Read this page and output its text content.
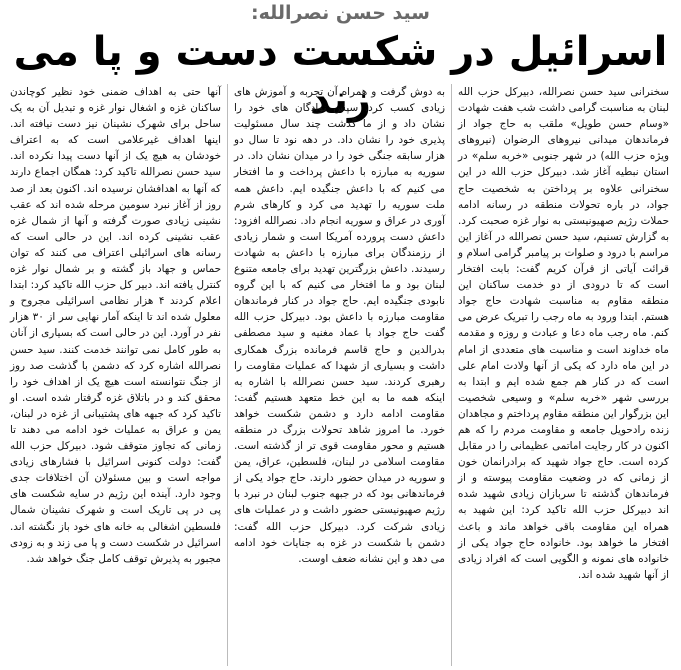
سید حسن نصرالله:
اسرائیل در شکست دست و پا می زند	سخنرانی سید حسن نصرالله، دبیرکل حزب الله لبنان به مناسبت گرامی داشت شب هفت شهادت «وسام حسن طویل» ملقب به حاج جواد از فرماندهان میدانی نیروهای الرضوان (نیروهای ویژه حزب الله) در شهر جنوبی «خربه سلم» در استان نبطیه آغاز شد. دبیرکل حزب الله در این سخنرانی علاوه بر پرداختن به شخصیت حاج جواد، در باره تحولات منطقه در رسانه ادامه حملات رژیم صهیونیستی به نوار غزه صحبت کرد. به گزارش تسنیم، سید حسن نصرالله در آغاز این مراسم با درود و صلوات بر پیامبر گرامی اسلام و قرائت آیاتی از قرآن کریم گفت: بابت افتخار است که تا درودی از دو خدمت ساکنان این منطقه مقاوم به مناسبت شهادت حاج جواد هستم. ابتدا ورود به ماه رجب را تبریک عرض می کنم. ماه رجب ماه دعا و عبادت و روزه و مقدمه ماه خداوند است و مناسبت های متعددی از امام در این ماه دارد که یکی از آنها ولادت امام علی است که در کنار هم جمع شده ایم و ابتدا به بررسی شهر «خربه سلم» و وسیعی شخصیت این بزرگوار این منطقه مقاوم پرداختم و مجاهدان زنده رادحویل جامعه و مقاومت مردم را که هم اکنون در کار رجایت اماتمی عظیمانی را در مقابل کرده است. حاج جواد شهید که برادرانمان خون از زمانی که در وضعیت مقاومت پیوسته و از فرماندهان گذشته تا سربازان زیادی شهید شده اند دبیرکل حزب الله تاکید کرد: این شهید به همراه این مقاومت باقی خواهد ماند و باعث افتخار ما خواهد بود. خانواده حاج جواد یکی از خانواده های نمونه و الگویی است که افراد زیادی از آنها شهید شده اند.
به دوش گرفت و همراه آن تجربه و آموزش های زیادی کسب کرد. سپس نوادگان های خود را نشان داد و از ما گذشت چند سال مسئولیت پذیری خود را نشان داد. در دهه نود تا سال دو هزار سابقه جنگی خود را در میدان نشان داد. در سوریه به مبارزه با داعش پرداخت و ما افتخار می کنیم که با داعش جنگیده ایم. داعش همه ملت سوریه را تهدید می کرد و کارهای شرم آوری در عراق و سوریه انجام داد. نصرالله افزود: داعش دست پرورده آمریکا است و شمار زیادی از رزمندگان برای مبارزه با داعش به شهادت رسیدند. داعش بزرگترین تهدید برای جامعه متنوع لبنان بود و ما افتخار می کنیم که با این گروه نابودی جنگیده ایم. حاج جواد در کنار فرماندهان مقاومت مبارزه با داعش بود. دبیرکل حزب الله گفت حاج جواد با عماد مغنیه و سید مصطفی بدرالدین و حاج قاسم فرمانده بزرگ همکاری داشت و بسیاری از شهدا که عملیات مقاومت را رهبری کردند. سید حسن نصرالله با اشاره به اینکه همه ما به این خط متعهد هستیم گفت: مقاومت ادامه دارد و دشمن شکست خواهد خورد. ما امروز شاهد تحولات بزرگ در منطقه هستیم و محور مقاومت قوی تر از گذشته است. مقاومت اسلامی در لبنان، فلسطین، عراق، یمن و سوریه در میدان حضور دارند. حاج جواد یکی از فرماندهانی بود که در جبهه جنوب لبنان در نبرد با رژیم صهیونیستی حضور داشت و در عملیات های زیادی شرکت کرد. دبیرکل حزب الله گفت: دشمن با شکست در غزه به جنایات خود ادامه می دهد و این نشانه ضعف اوست.
آنها حتی به اهداف ضمنی خود نظیر کوچاندن ساکنان غزه و اشغال نوار غزه و تبدیل آن به یک ساحل برای شهرک نشینان نیز دست نیافته اند. اینها اهداف غیرعلامی است که به اعتراف خودشان به هیچ یک از آنها دست پیدا نکرده اند. سید حسن نصرالله تاکید کرد: همگان اجماع دارند که آنها به اهدافشان نرسیده اند. اکنون بعد از صد روز از آغاز نبرد سومین مرحله شده اند که عقب نشینی زیادی صورت گرفته و آنها از شمال غزه عقب نشینی کرده اند. این در حالی است که رسانه های اسرائیلی اعتراف می کنند که توان حماس و جهاد باز گشته و بر شمال نوار غزه کنترل یافته اند. دبیر کل حزب الله تاکید کرد: ابتدا اعلام کردند ۴ هزار نظامی اسرائیلی مجروح و معلول شده اند تا اینکه آمار نهایی سر از ۳۰ هزار نفر در آورد. این در حالی است که بسیاری از آنان به طور کامل نمی توانند خدمت کنند. سید حسن نصرالله اشاره کرد که دشمن با گذشت صد روز از جنگ نتوانسته است هیچ یک از اهداف خود را محقق کند و در باتلاق غزه گرفتار شده است. او تاکید کرد که جبهه های پشتیبانی از غزه در لبنان، یمن و عراق به عملیات خود ادامه می دهند تا زمانی که تجاوز متوقف شود. دبیرکل حزب الله گفت: دولت کنونی اسرائیل با فشارهای زیادی مواجه است و بین مسئولان آن اختلافات جدی وجود دارد. آینده این رژیم در سایه شکست های پی در پی تاریک است و شهرک نشینان شمال فلسطین اشغالی به خانه های خود باز نگشته اند. اسرائیل در شکست دست و پا می زند و به زودی مجبور به پذیرش توقف کامل جنگ خواهد شد.
